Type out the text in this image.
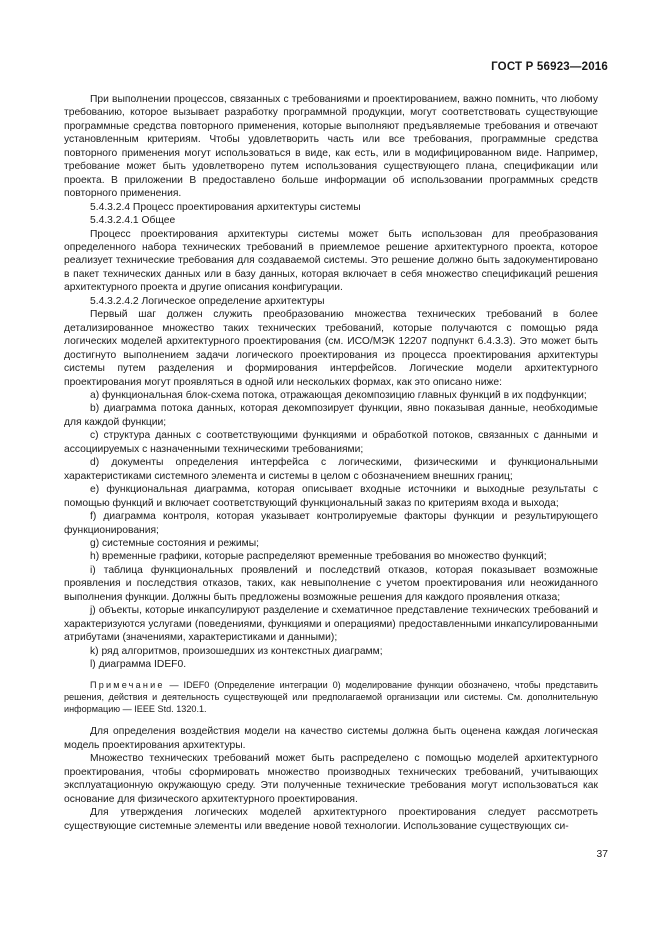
ГОСТ Р 56923—2016

При выполнении процессов, связанных с требованиями и проектированием, важно помнить, что любому требованию, которое вызывает разработку программной продукции, могут соответствовать существующие программные средства повторного применения, которые выполняют предъявляемые требования и отвечают установленным критериям. Чтобы удовлетворить часть или все требования, программные средства повторного применения могут использоваться в виде, как есть, или в модифицированном виде. Например, требование может быть удовлетворено путем использования существующего плана, спецификации или проекта. В приложении В предоставлено больше информации об использовании программных средств повторного применения.

5.4.3.2.4 Процесс проектирования архитектуры системы

5.4.3.2.4.1 Общее

Процесс проектирования архитектуры системы может быть использован для преобразования определенного набора технических требований в приемлемое решение архитектурного проекта, которое реализует технические требования для создаваемой системы. Это решение должно быть задокументировано в пакет технических данных или в базу данных, которая включает в себя множество спецификаций решения архитектурного проекта и другие описания конфигурации.

5.4.3.2.4.2 Логическое определение архитектуры

Первый шаг должен служить преобразованию множества технических требований в более детализированное множество таких технических требований, которые получаются с помощью ряда логических моделей архитектурного проектирования (см. ИСО/МЭК 12207 подпункт 6.4.3.3). Это может быть достигнуто выполнением задачи логического проектирования из процесса проектирования архитектуры системы путем разделения и формирования интерфейсов. Логические модели архитектурного проектирования могут проявляться в одной или нескольких формах, как это описано ниже:

a) функциональная блок-схема потока, отражающая декомпозицию главных функций в их подфункции;

b) диаграмма потока данных, которая декомпозирует функции, явно показывая данные, необходимые для каждой функции;

c) структура данных с соответствующими функциями и обработкой потоков, связанных с данными и ассоциируемых с назначенными техническими требованиями;

d) документы определения интерфейса с логическими, физическими и функциональными характеристиками системного элемента и системы в целом с обозначением внешних границ;

e) функциональная диаграмма, которая описывает входные источники и выходные результаты с помощью функций и включает соответствующий функциональный заказ по критериям входа и выхода;

f) диаграмма контроля, которая указывает контролируемые факторы функции и результирующего функционирования;

g) системные состояния и режимы;

h) временные графики, которые распределяют временные требования во множество функций;

i) таблица функциональных проявлений и последствий отказов, которая показывает возможные проявления и последствия отказов, таких, как невыполнение с учетом проектирования или неожиданного выполнения функции. Должны быть предложены возможные решения для каждого проявления отказа;

j) объекты, которые инкапсулируют разделение и схематичное представление технических требований и характеризуются услугами (поведениями, функциями и операциями) предоставленными инкапсулированными атрибутами (значениями, характеристиками и данными);

k) ряд алгоритмов, произошедших из контекстных диаграмм;

l) диаграмма IDEF0.

Примечание — IDEF0 (Определение интеграции 0) моделирование функции обозначено, чтобы представить решения, действия и деятельность существующей или предполагаемой организации или системы. См. дополнительную информацию — IEEE Std. 1320.1.

Для определения воздействия модели на качество системы должна быть оценена каждая логическая модель проектирования архитектуры.

Множество технических требований может быть распределено с помощью моделей архитектурного проектирования, чтобы сформировать множество производных технических требований, учитывающих эксплуатационную окружающую среду. Эти полученные технические требования могут использоваться как основание для физического архитектурного проектирования.

Для утверждения логических моделей архитектурного проектирования следует рассмотреть существующие системные элементы или введение новой технологии. Использование существующих си-

37
